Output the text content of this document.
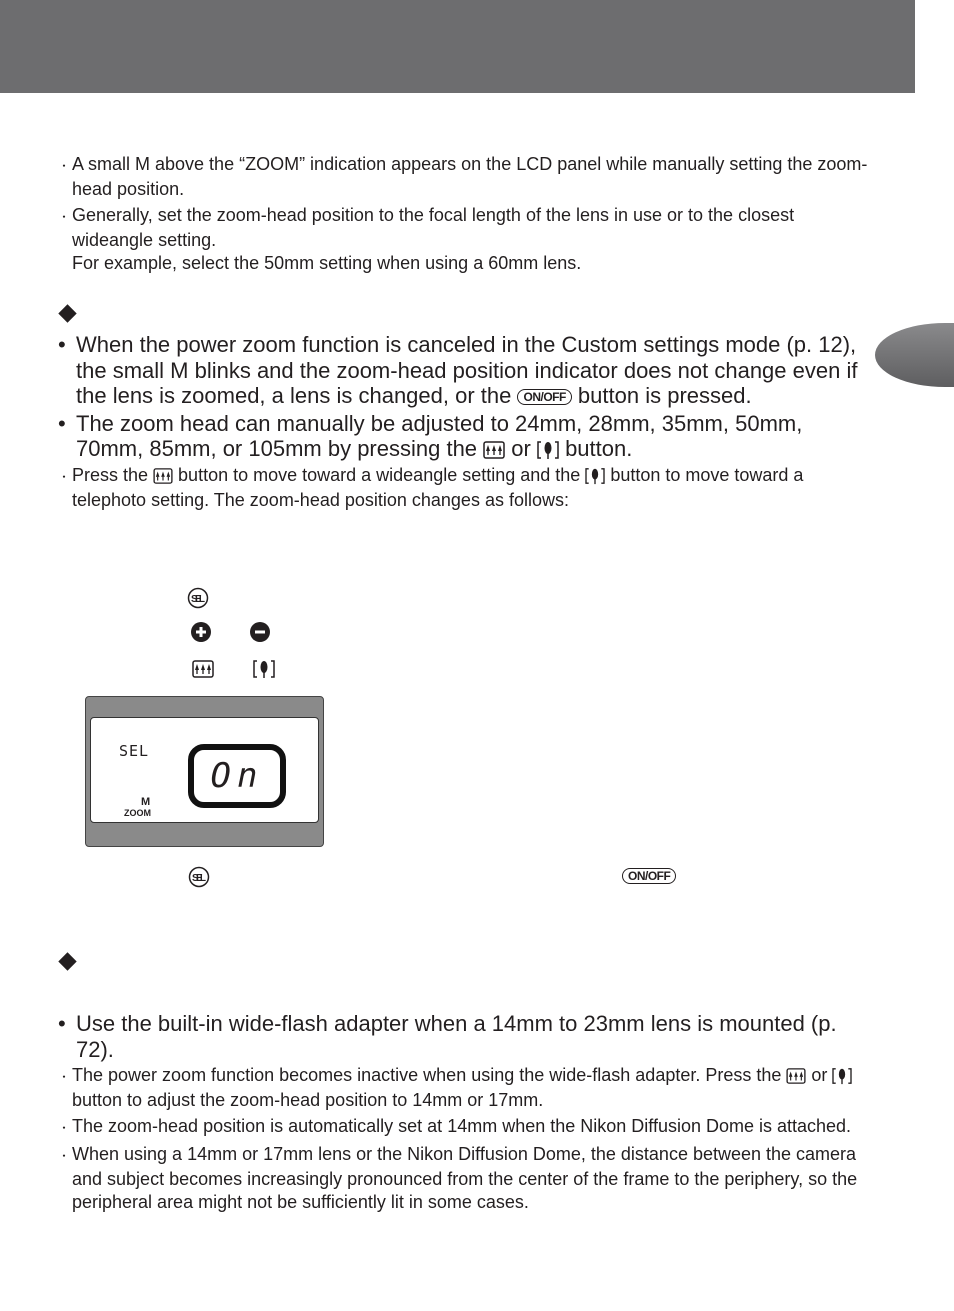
・ A small M above the “ZOOM” indication appears on the LCD panel while manually setting the zoom-head position.
・ Generally, set the zoom-head position to the focal length of the lens in use or to the closest wideangle setting.
For example, select the 50mm setting when using a 60mm lens.
• When the power zoom function is canceled in the Custom settings mode (p. 12), the small M blinks and the zoom-head position indicator does not change even if the lens is zoomed, a lens is changed, or the ON/OFF button is pressed.
• The zoom head can manually be adjusted to 24mm, 28mm, 35mm, 50mm, 70mm, 85mm, or 105mm by pressing the  or  button.
・ Press the  button to move toward a wideangle setting and the  button to move toward a telephoto setting. The zoom-head position changes as follows:
SEL
M
ZOOM
On
ON/OFF
• Use the built-in wide-flash adapter when a 14mm to 23mm lens is mounted (p. 72).
・ The power zoom function becomes inactive when using the wide-flash adapter. Press the  or  button to adjust the zoom-head position to 14mm or 17mm.
・ The zoom-head position is automatically set at 14mm when the Nikon Diffusion Dome is attached.
・ When using a 14mm or 17mm lens or the Nikon Diffusion Dome, the distance between the camera and subject becomes increasingly pronounced from the center of the frame to the periphery, so the peripheral area might not be sufficiently lit in some cases.
